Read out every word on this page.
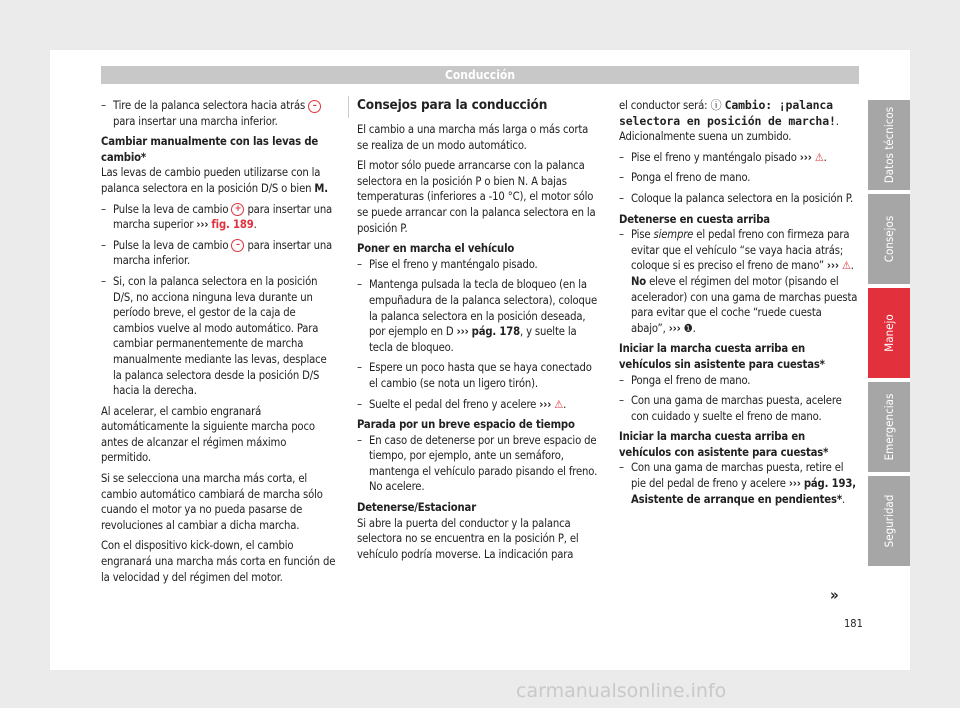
Conducción
– Tire de la palanca selectora hacia atrás – para insertar una marcha inferior.

Cambiar manualmente con las levas de cambio*

Las levas de cambio pueden utilizarse con la palanca selectora en la posición D/S o bien M.

– Pulse la leva de cambio + para insertar una marcha superior ››› fig. 189.
– Pulse la leva de cambio – para insertar una marcha inferior.
– Si, con la palanca selectora en la posición D/S, no acciona ninguna leva durante un período breve, el gestor de la caja de cambios vuelve al modo automático. Para cambiar permanentemente de marcha manualmente mediante las levas, desplace la palanca selectora desde la posición D/S hacia la derecha.

Al acelerar, el cambio engranará automáticamente la siguiente marcha poco antes de alcanzar el régimen máximo permitido.

Si se selecciona una marcha más corta, el cambio automático cambiará de marcha sólo cuando el motor ya no pueda pasarse de revoluciones al cambiar a dicha marcha.

Con el dispositivo kick-down, el cambio engranará una marcha más corta en función de la velocidad y del régimen del motor.

Consejos para la conducción

El cambio a una marcha más larga o más corta se realiza de un modo automático.

El motor sólo puede arrancarse con la palanca selectora en la posición P o bien N. A bajas temperaturas (inferiores a -10 °C), el motor sólo se puede arrancar con la palanca selectora en la posición P.

Poner en marcha el vehículo

– Pise el freno y manténgalo pisado.
– Mantenga pulsada la tecla de bloqueo (en la empuñadura de la palanca selectora), coloque la palanca selectora en la posición deseada, por ejemplo en D ››› pág. 178, y suelte la tecla de bloqueo.
– Espere un poco hasta que se haya conectado el cambio (se nota un ligero tirón).
– Suelte el pedal del freno y acelere ››› ⚠.

Parada por un breve espacio de tiempo

– En caso de detenerse por un breve espacio de tiempo, por ejemplo, ante un semáforo, mantenga el vehículo parado pisando el freno. No acelere.

Detenerse/Estacionar

Si abre la puerta del conductor y la palanca selectora no se encuentra en la posición P, el vehículo podría moverse. La indicación para

el conductor será: ⓘ Cambio: ¡palanca selectora en posición de marcha!. Adicionalmente suena un zumbido.

– Pise el freno y manténgalo pisado ››› ⚠.
– Ponga el freno de mano.
– Coloque la palanca selectora en la posición P.

Detenerse en cuesta arriba

– Pise siempre el pedal freno con firmeza para evitar que el vehículo “se vaya hacia atrás; coloque si es preciso el freno de mano” ››› ⚠. No eleve el régimen del motor (pisando el acelerador) con una gama de marchas puesta para evitar que el coche “ruede cuesta abajo”, ››› ❶.

Iniciar la marcha cuesta arriba en vehículos sin asistente para cuestas*

– Ponga el freno de mano.
– Con una gama de marchas puesta, acelere con cuidado y suelte el freno de mano.

Iniciar la marcha cuesta arriba en vehículos con asistente para cuestas*

– Con una gama de marchas puesta, retire el pie del pedal de freno y acelere ››› pág. 193, Asistente de arranque en pendientes*.
»
Datos técnicos
Consejos
Manejo
Emergencias
Seguridad
181
carmanualsonline.info
